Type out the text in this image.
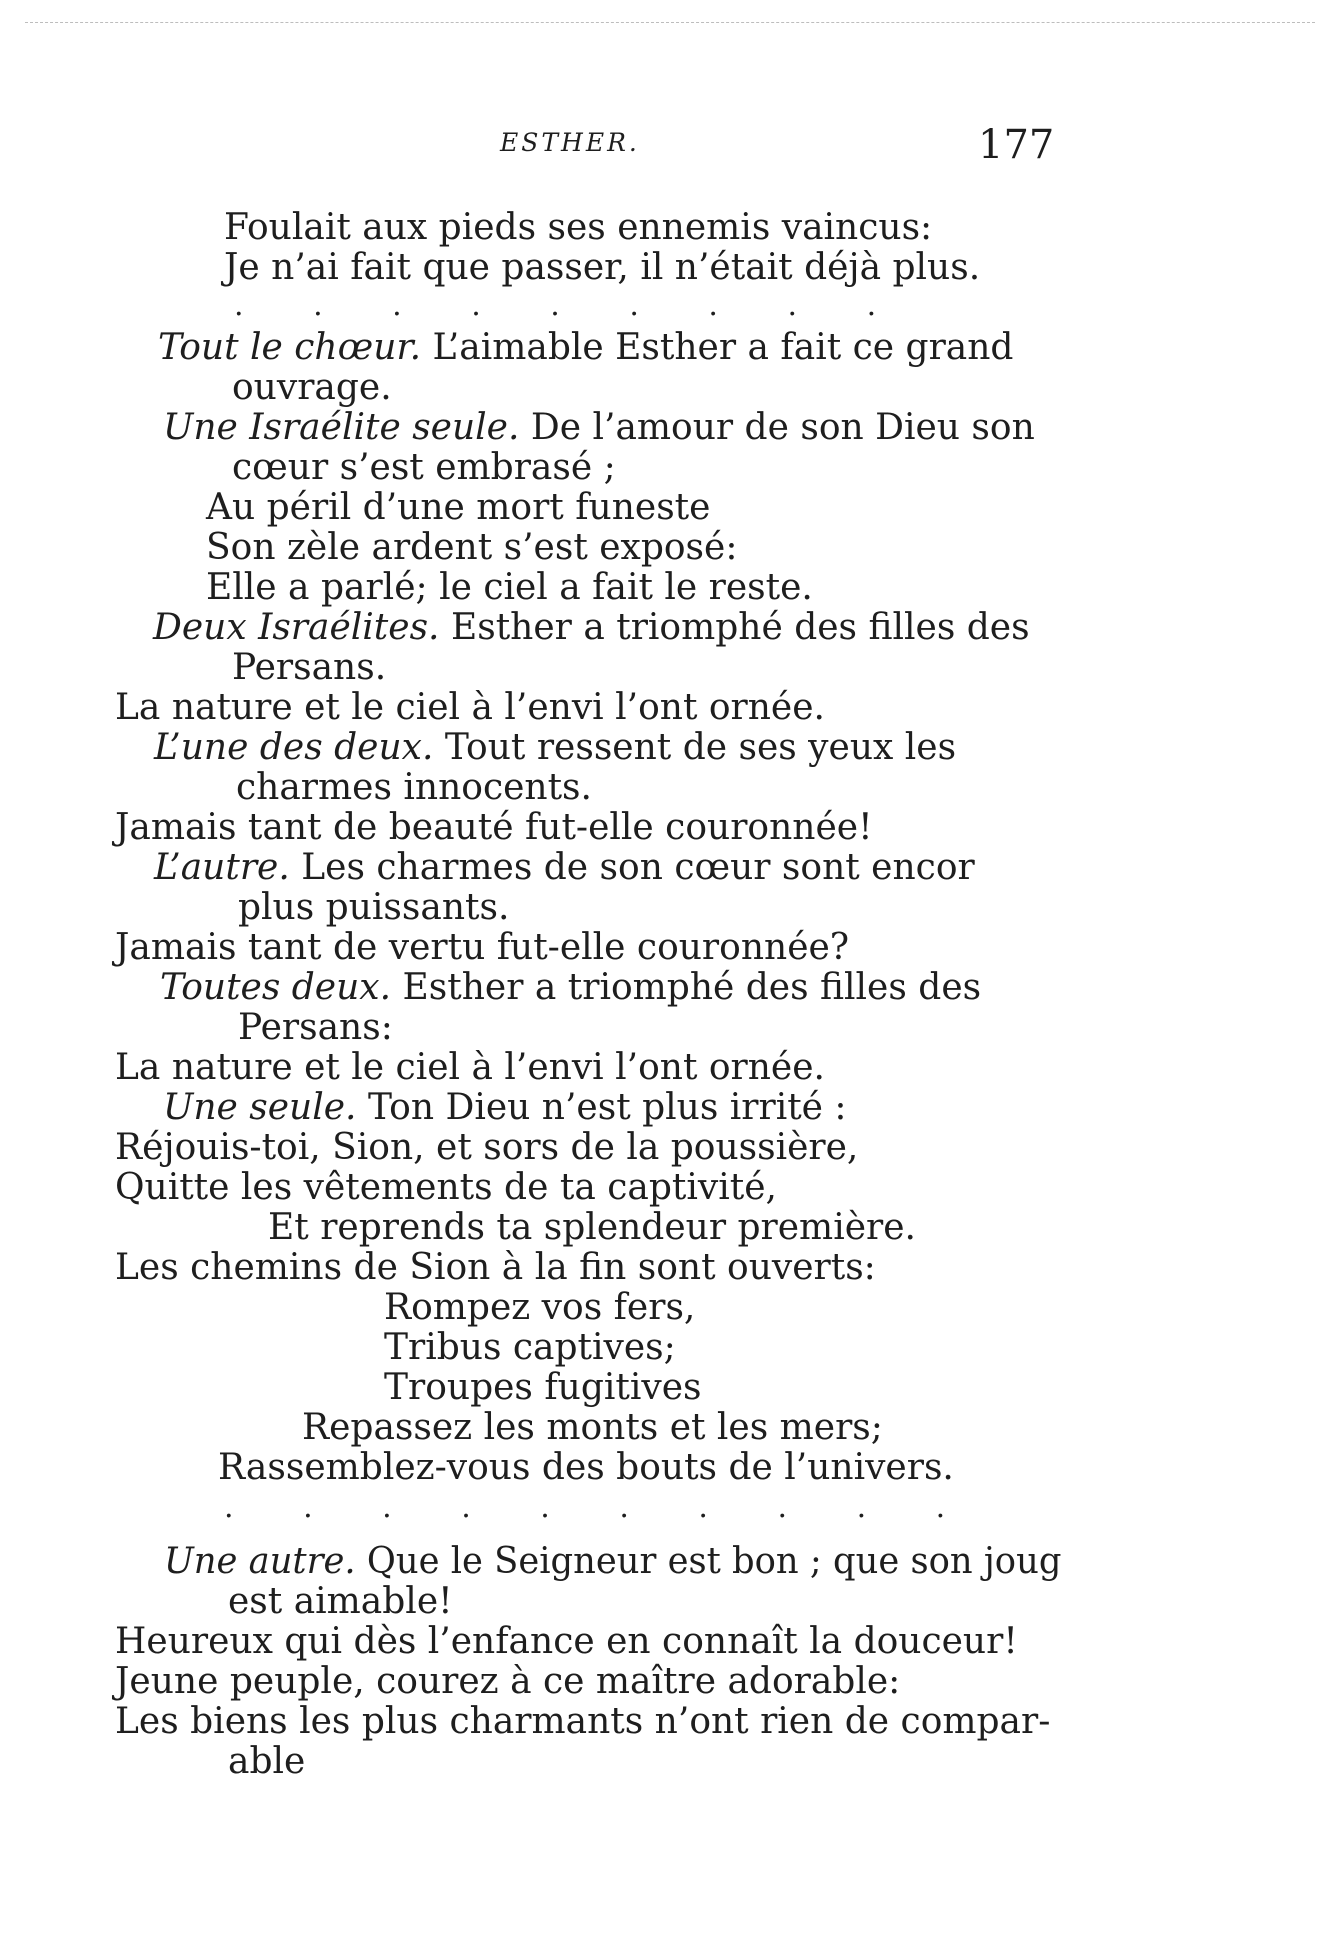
ESTHER.	177
Foulait aux pieds ses ennemis vaincus:
Je n’ai fait que passer, il n’était déjà plus.
. . . . . . . . .
Tout le chœur. L’aimable Esther a fait ce grand
ouvrage.
Une Israélite seule. De l’amour de son Dieu son
cœur s’est embrasé ;
Au péril d’une mort funeste
Son zèle ardent s’est exposé:
Elle a parlé; le ciel a fait le reste.
Deux Israélites. Esther a triomphé des filles des
Persans.
La nature et le ciel à l’envi l’ont ornée.
L’une des deux. Tout ressent de ses yeux les
charmes innocents.
Jamais tant de beauté fut-elle couronnée!
L’autre. Les charmes de son cœur sont encor
plus puissants.
Jamais tant de vertu fut-elle couronnée?
Toutes deux. Esther a triomphé des filles des
Persans:
La nature et le ciel à l’envi l’ont ornée.
Une seule. Ton Dieu n’est plus irrité :
Réjouis-toi, Sion, et sors de la poussière,
Quitte les vêtements de ta captivité,
Et reprends ta splendeur première.
Les chemins de Sion à la fin sont ouverts:
Rompez vos fers,
Tribus captives;
Troupes fugitives
Repassez les monts et les mers;
Rassemblez-vous des bouts de l’univers.
. . . . . . . . . .
Une autre. Que le Seigneur est bon ; que son joug
est aimable!
Heureux qui dès l’enfance en connaît la douceur!
Jeune peuple, courez à ce maître adorable:
Les biens les plus charmants n’ont rien de compar-
able
